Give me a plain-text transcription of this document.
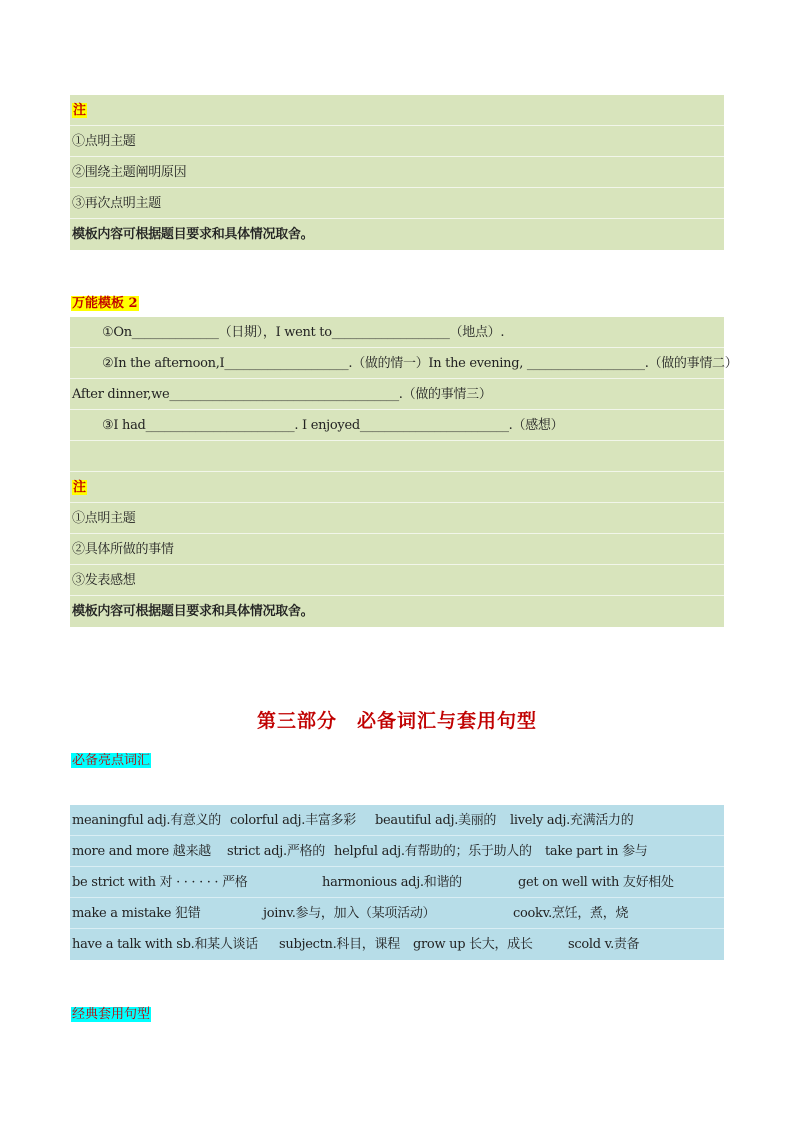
注
①点明主题
②围绕主题阐明原因
③再次点明主题
模板内容可根据题目要求和具体情况取舍。
万能模板 2
①On______________（日期），I went to___________________（地点）.
②In the afternoon,I____________________.（做的情一）In the evening, ___________________.（做的事情二）
After dinner,we_____________________________________.（做的事情三）
③I had________________________. I enjoyed________________________.（感想）
注
①点明主题
②具体所做的事情
③发表感想
模板内容可根据题目要求和具体情况取舍。
第三部分　必备词汇与套用句型
必备亮点词汇
meaningful adj.有意义的 colorful adj.丰富多彩 beautiful adj.美丽的 lively adj.充满活力的
more and more 越来越 strict adj.严格的 helpful adj.有帮助的；乐于助人的 take part in 参与
be strict with 对 · · · · · · 严格	harmonious adj.和谐的	get on well with 友好相处
make a mistake 犯错	joinv.参与，加入（某项活动）	cookv.烹饪，煮，烧
have a talk with sb.和某人谈话 subjectn.科目，课程 grow up 长大，成长	scold v.责备
经典套用句型
